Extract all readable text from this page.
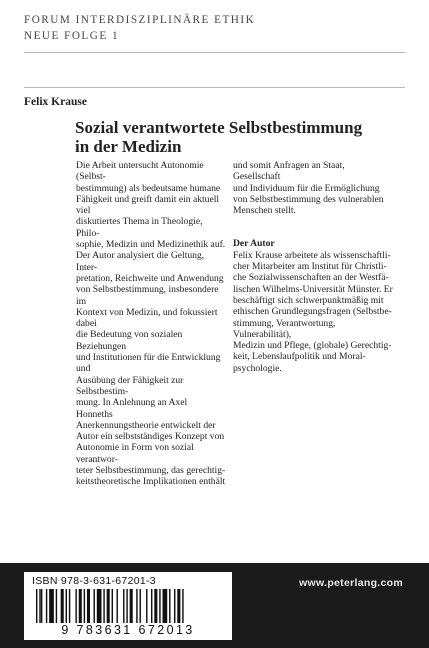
FORUM INTERDISZIPLINÄRE ETHIK
NEUE FOLGE 1
Felix Krause
Sozial verantwortete Selbstbestimmung
in der Medizin

Die Arbeit untersucht Autonomie (Selbst-

bestimmung) als bedeutsame humane

Fähigkeit und greift damit ein aktuell viel

diskutiertes Thema in Theologie, Philo-

sophie, Medizin und Medizinethik auf.

Der Autor analysiert die Geltung, Inter-

pretation, Reichweite und Anwendung

von Selbstbestimmung, insbesondere im

Kontext von Medizin, und fokussiert dabei

die Bedeutung von sozialen Beziehungen

und Institutionen für die Entwicklung und

Ausübung der Fähigkeit zur Selbstbestim-

mung. In Anlehnung an Axel Honneths

Anerkennungstheorie entwickelt der

Autor ein selbstständiges Konzept von

Autonomie in Form von sozial verantwor-

teter Selbstbestimmung, das gerechtig-

keitstheoretische Implikationen enthält

und somit Anfragen an Staat, Gesellschaft

und Individuum für die Ermöglichung

von Selbstbestimmung des vulnerablen

Menschen stellt.

Der Autor

Felix Krause arbeitete als wissenschaftli-

cher Mitarbeiter am Institut für Christli-

che Sozialwissenschaften an der Westfä-

lischen Wilhelms-Universität Münster. Er

beschäftigt sich schwerpunktmäßig mit

ethischen Grundlegungsfragen (Selbstbe-

stimmung, Verantwortung, Vulnerabilität),

Medizin und Pflege, (globale) Gerechtig-

keit, Lebenslaufpolitik und Moral-

psychologie.

ISBN 978-3-631-67201-3
9 783631 672013
www.peterlang.com
